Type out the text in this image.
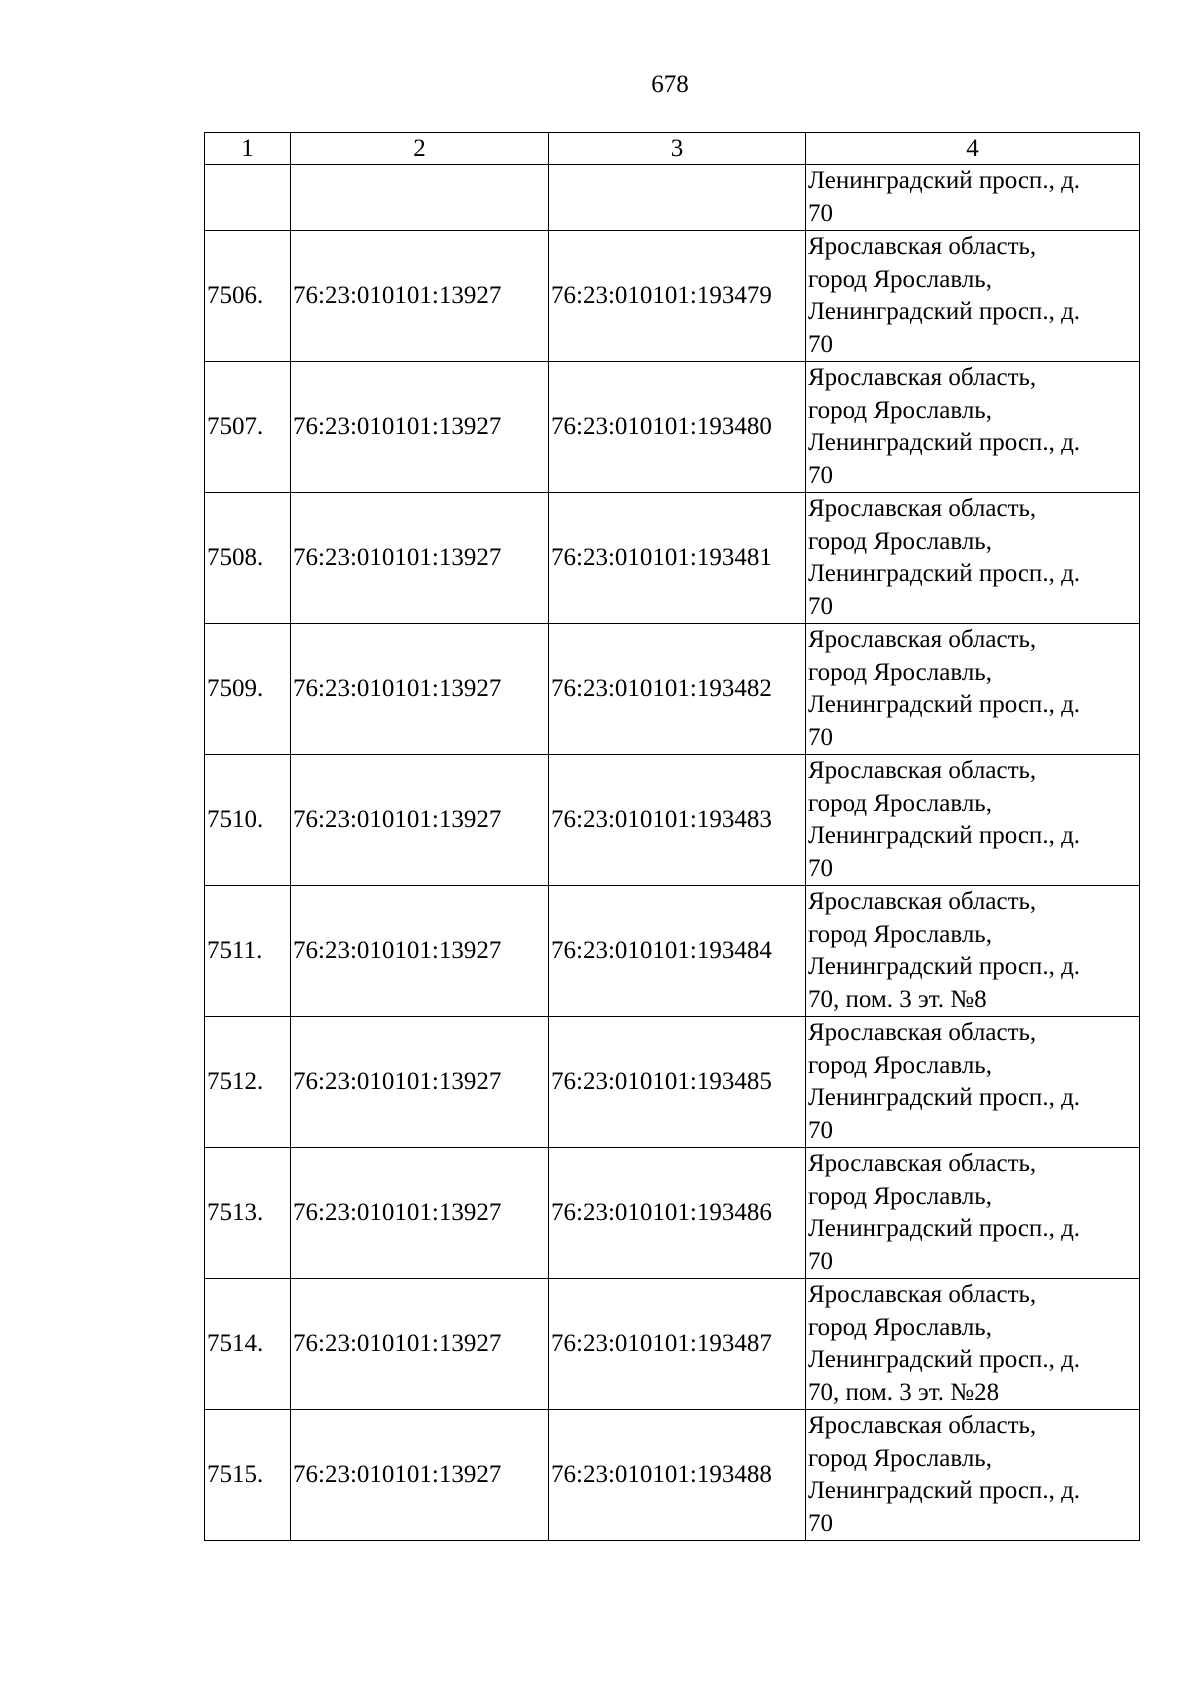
678
1	2	3	4

			Ленинградский просп., д.
70

7506.	76:23:010101:13927	76:23:010101:193479	Ярославская область,
город Ярославль,
Ленинградский просп., д.
70

7507.	76:23:010101:13927	76:23:010101:193480	Ярославская область,
город Ярославль,
Ленинградский просп., д.
70

7508.	76:23:010101:13927	76:23:010101:193481	Ярославская область,
город Ярославль,
Ленинградский просп., д.
70

7509.	76:23:010101:13927	76:23:010101:193482	Ярославская область,
город Ярославль,
Ленинградский просп., д.
70

7510.	76:23:010101:13927	76:23:010101:193483	Ярославская область,
город Ярославль,
Ленинградский просп., д.
70

7511.	76:23:010101:13927	76:23:010101:193484	Ярославская область,
город Ярославль,
Ленинградский просп., д.
70, пом. 3 эт. №8

7512.	76:23:010101:13927	76:23:010101:193485	Ярославская область,
город Ярославль,
Ленинградский просп., д.
70

7513.	76:23:010101:13927	76:23:010101:193486	Ярославская область,
город Ярославль,
Ленинградский просп., д.
70

7514.	76:23:010101:13927	76:23:010101:193487	Ярославская область,
город Ярославль,
Ленинградский просп., д.
70, пом. 3 эт. №28

7515.	76:23:010101:13927	76:23:010101:193488	Ярославская область,
город Ярославль,
Ленинградский просп., д.
70
